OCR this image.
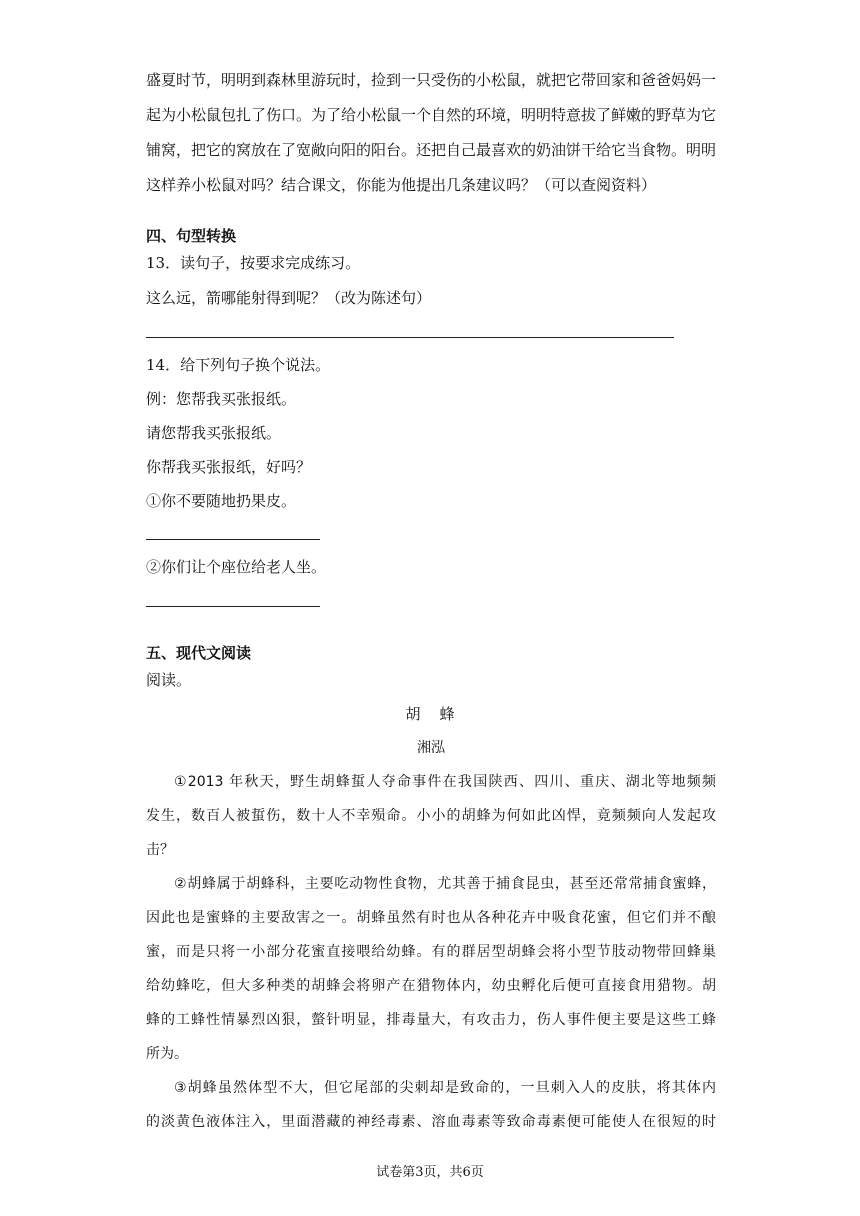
盛夏时节，明明到森林里游玩时，捡到一只受伤的小松鼠，就把它带回家和爸爸妈妈一
起为小松鼠包扎了伤口。为了给小松鼠一个自然的环境，明明特意拔了鲜嫩的野草为它
铺窝，把它的窝放在了宽敞向阳的阳台。还把自己最喜欢的奶油饼干给它当食物。明明
这样养小松鼠对吗？结合课文，你能为他提出几条建议吗？（可以查阅资料）
四、句型转换
13．读句子，按要求完成练习。
这么远，箭哪能射得到呢？（改为陈述句）
14．给下列句子换个说法。
例：您帮我买张报纸。
请您帮我买张报纸。
你帮我买张报纸，好吗？
①你不要随地扔果皮。
②你们让个座位给老人坐。
五、现代文阅读
阅读。
胡　蜂
湘泓
①2013 年秋天，野生胡蜂蜇人夺命事件在我国陕西、四川、重庆、湖北等地频频
发生，数百人被蜇伤，数十人不幸殒命。小小的胡蜂为何如此凶悍，竟频频向人发起攻
击？
②胡蜂属于胡蜂科，主要吃动物性食物，尤其善于捕食昆虫，甚至还常常捕食蜜蜂，
因此也是蜜蜂的主要敌害之一。胡蜂虽然有时也从各种花卉中吸食花蜜，但它们并不酿
蜜，而是只将一小部分花蜜直接喂给幼蜂。有的群居型胡蜂会将小型节肢动物带回蜂巢
给幼蜂吃，但大多种类的胡蜂会将卵产在猎物体内，幼虫孵化后便可直接食用猎物。胡
蜂的工蜂性情暴烈凶狠，螫针明显，排毒量大，有攻击力，伤人事件便主要是这些工蜂
所为。
③胡蜂虽然体型不大，但它尾部的尖刺却是致命的，一旦刺入人的皮肤，将其体内
的淡黄色液体注入，里面潜藏的神经毒素、溶血毒素等致命毒素便可能使人在很短的时
试卷第3页，共6页
